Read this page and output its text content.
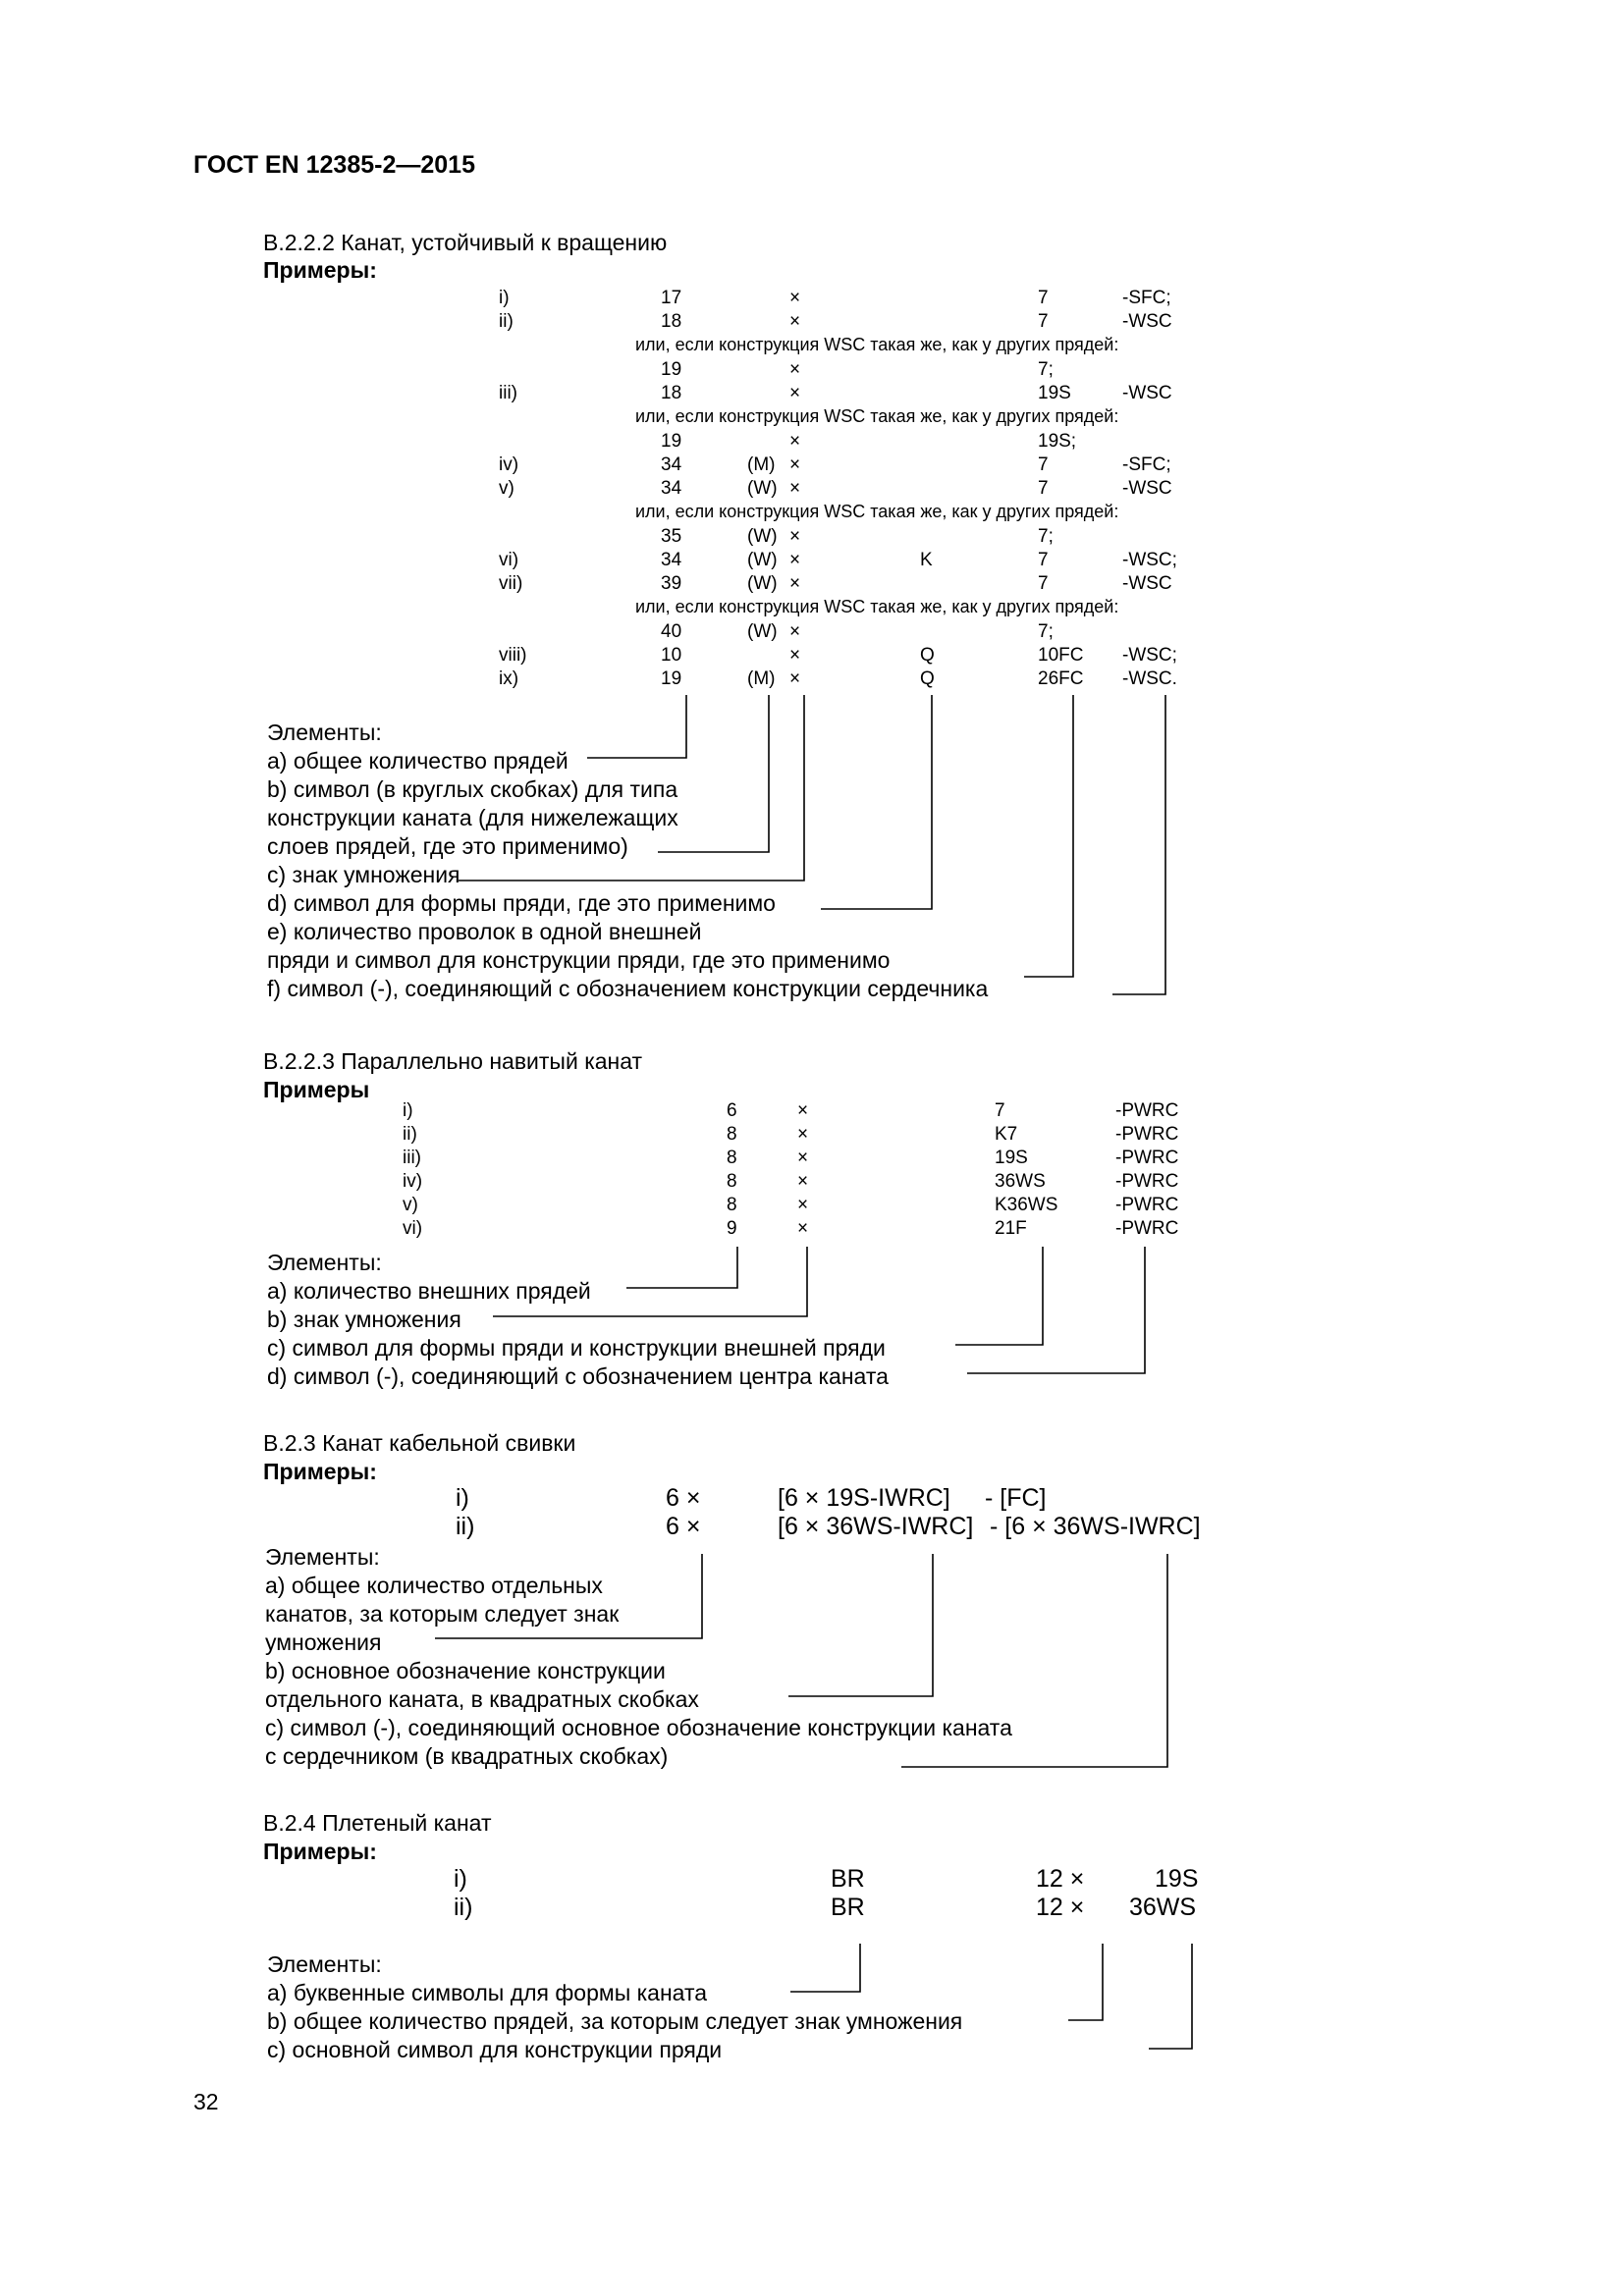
ГОСТ EN 12385-2—2015
В.2.2.2 Канат, устойчивый к вращению
Примеры:
или, если конструкция WSC такая же, как у других прядей:
или, если конструкция WSC такая же, как у других прядей:
или, если конструкция WSC такая же, как у других прядей:
или, если конструкция WSC такая же, как у других прядей:
Элементы:
a) общее количество прядей
b) символ (в круглых скобках) для типа
конструкции каната (для нижележащих
слоев прядей, где это применимо)
c) знак умножения
d) символ для формы пряди, где это применимо
e) количество проволок в одной внешней
пряди и символ для конструкции пряди, где это применимо
f) символ (-), соединяющий с обозначением конструкции сердечника
В.2.2.3 Параллельно навитый канат
Примеры
Элементы:
a) количество внешних прядей
b) знак умножения
c) символ для формы пряди и конструкции внешней пряди
d) символ (-), соединяющий с обозначением центра каната
В.2.3 Канат кабельной свивки
Примеры:
i)	6 ×	[6 × 19S-IWRC] - [FC]
ii)	6 ×	[6 × 36WS-IWRC] - [6 × 36WS-IWRC]
Элементы:
a) общее количество отдельных
канатов, за которым следует знак
умножения
b) основное обозначение конструкции
отдельного каната, в квадратных скобках
c) символ (-), соединяющий основное обозначение конструкции каната
с сердечником (в квадратных скобках)
В.2.4 Плетеный канат
Примеры:
i)	BR	12 ×	19S
ii)	BR	12 × 36WS
Элементы:
a) буквенные символы для формы каната
b) общее количество прядей, за которым следует знак умножения
c) основной символ для конструкции пряди
32
i)	17	×	7	-SFC;
ii)	18	×	7	-WSC
19	×	7;
iii)	18	×	19S	-WSC
19	×	19S;
iv)	34	(M) ×	7	-SFC;
v)	34	(W) ×	7	-WSC
35	(W) ×	7;
vi)	34	(W) ×	K	7	-WSC;
vii)	39	(W) ×	7	-WSC
40	(W) ×	7;
viii)	10	×	Q	10FC -WSC;
ix)	19	(M) ×	Q	26FC -WSC.
i)	6	×	7	-PWRC
ii)	8	×	K7	-PWRC
iii)	8	×	19S	-PWRC
iv)	8	×	36WS	-PWRC
v)	8	×	K36WS	-PWRC
vi)	9	×	21F	-PWRC
